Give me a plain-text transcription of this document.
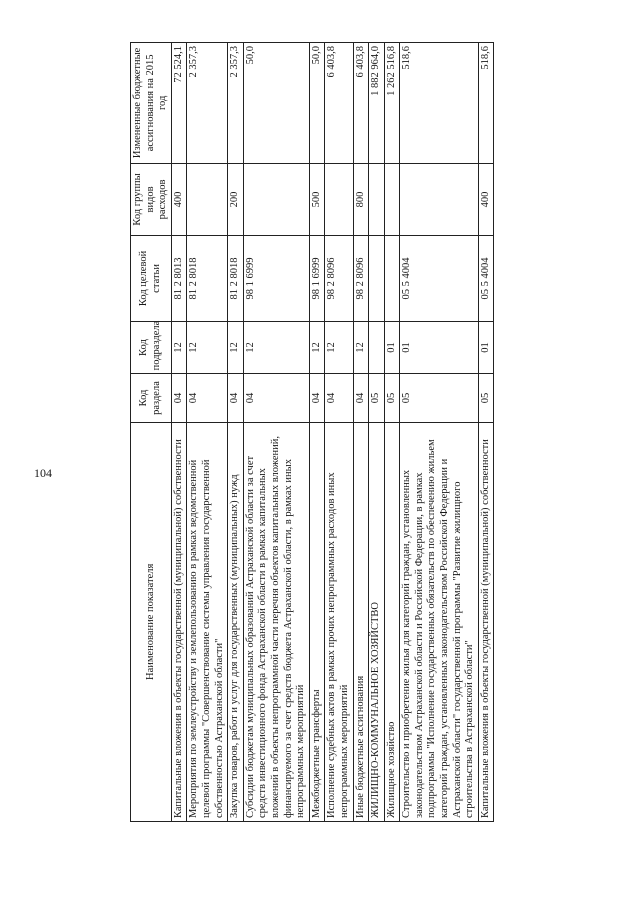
104
Наименование показателя	Код раздела	Код подраздела	Код целевой статьи	Код группы видов расходов	Измененные бюджетные ассигнования на 2015 год
Капитальные вложения в объекты государственной (муниципальной) собственности	04	12	81 2 8013	400	72 524,1
Мероприятия по землеустройству и землепользованию в рамках ведомственной целевой программы "Совершенствование системы управления государственной собственностью Астраханской области"	04	12	81 2 8018		2 357,3
Закупка товаров, работ и услуг для государственных (муниципальных) нужд	04	12	81 2 8018	200	2 357,3
Субсидии бюджетам муниципальных образований Астраханской области за счет средств инвестиционного фонда Астраханской области в рамках капитальных вложений в объекты непрограммной части перечня объектов капитальных вложений, финансируемого за счет средств бюджета Астраханской области, в рамках иных непрограммных мероприятий	04	12	98 1 6999		50,0
Межбюджетные трансферты	04	12	98 1 6999	500	50,0
Исполнение судебных актов в рамках прочих непрограммных расходов иных непрограммных мероприятий	04	12	98 2 8096		6 403,8
Иные бюджетные ассигнования	04	12	98 2 8096	800	6 403,8
ЖИЛИЩНО-КОММУНАЛЬНОЕ ХОЗЯЙСТВО	05				1 882 964,0
Жилищное хозяйство	05	01			1 262 516,8
Строительство и приобретение жилья для категорий граждан, установленных законодательством Астраханской области и Российской Федерации, в рамках подпрограммы "Исполнение государственных обязательств по обеспечению жильем категорий граждан, установленных законодательством Российской Федерации и Астраханской области" государственной программы "Развитие жилищного строительства в Астраханской области"	05	01	05 5 4004		518,6
Капитальные вложения в объекты государственной (муниципальной) собственности	05	01	05 5 4004	400	518,6
